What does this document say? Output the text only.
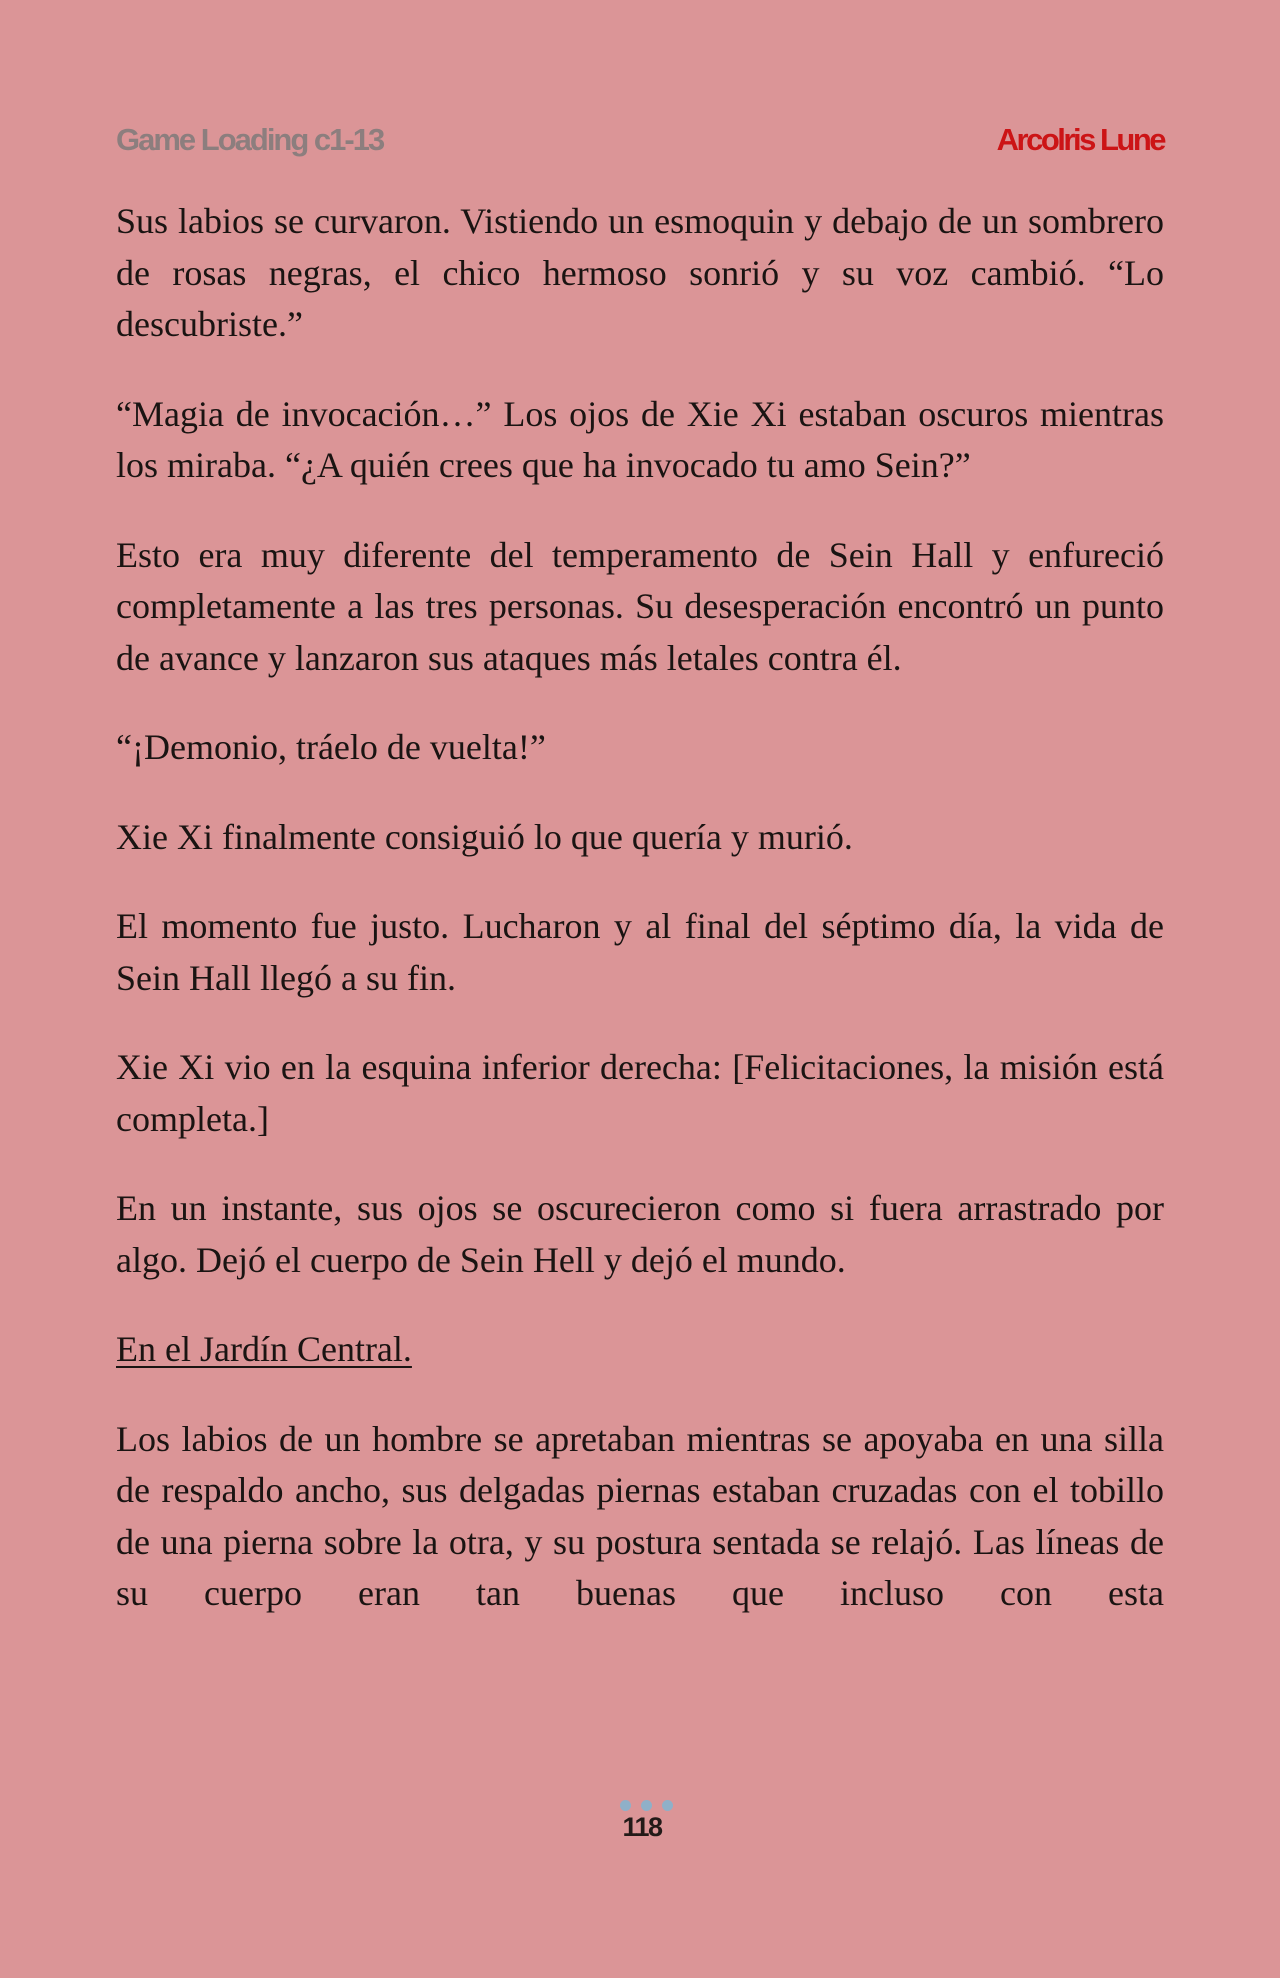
Game Loading c1-13	Arcolris Lune

Sus labios se curvaron. Vistiendo un esmoquin y debajo de un sombrero de rosas negras, el chico hermoso sonrió y su voz cambió. “Lo descubriste.”

“Magia de invocación…” Los ojos de Xie Xi estaban oscuros mientras los miraba. “¿A quién crees que ha invocado tu amo Sein?”

Esto era muy diferente del temperamento de Sein Hall y enfureció completamente a las tres personas. Su desesperación encontró un punto de avance y lanzaron sus ataques más letales contra él.

“¡Demonio, tráelo de vuelta!”

Xie Xi finalmente consiguió lo que quería y murió.

El momento fue justo. Lucharon y al final del séptimo día, la vida de Sein Hall llegó a su fin.

Xie Xi vio en la esquina inferior derecha: [Felicitaciones, la misión está completa.]

En un instante, sus ojos se oscurecieron como si fuera arrastrado por algo. Dejó el cuerpo de Sein Hell y dejó el mundo.

En el Jardín Central.

Los labios de un hombre se apretaban mientras se apoyaba en una silla de respaldo ancho, sus delgadas piernas estaban cruzadas con el tobillo de una pierna sobre la otra, y su postura sentada se relajó. Las líneas de su cuerpo eran tan buenas que incluso con esta

118
